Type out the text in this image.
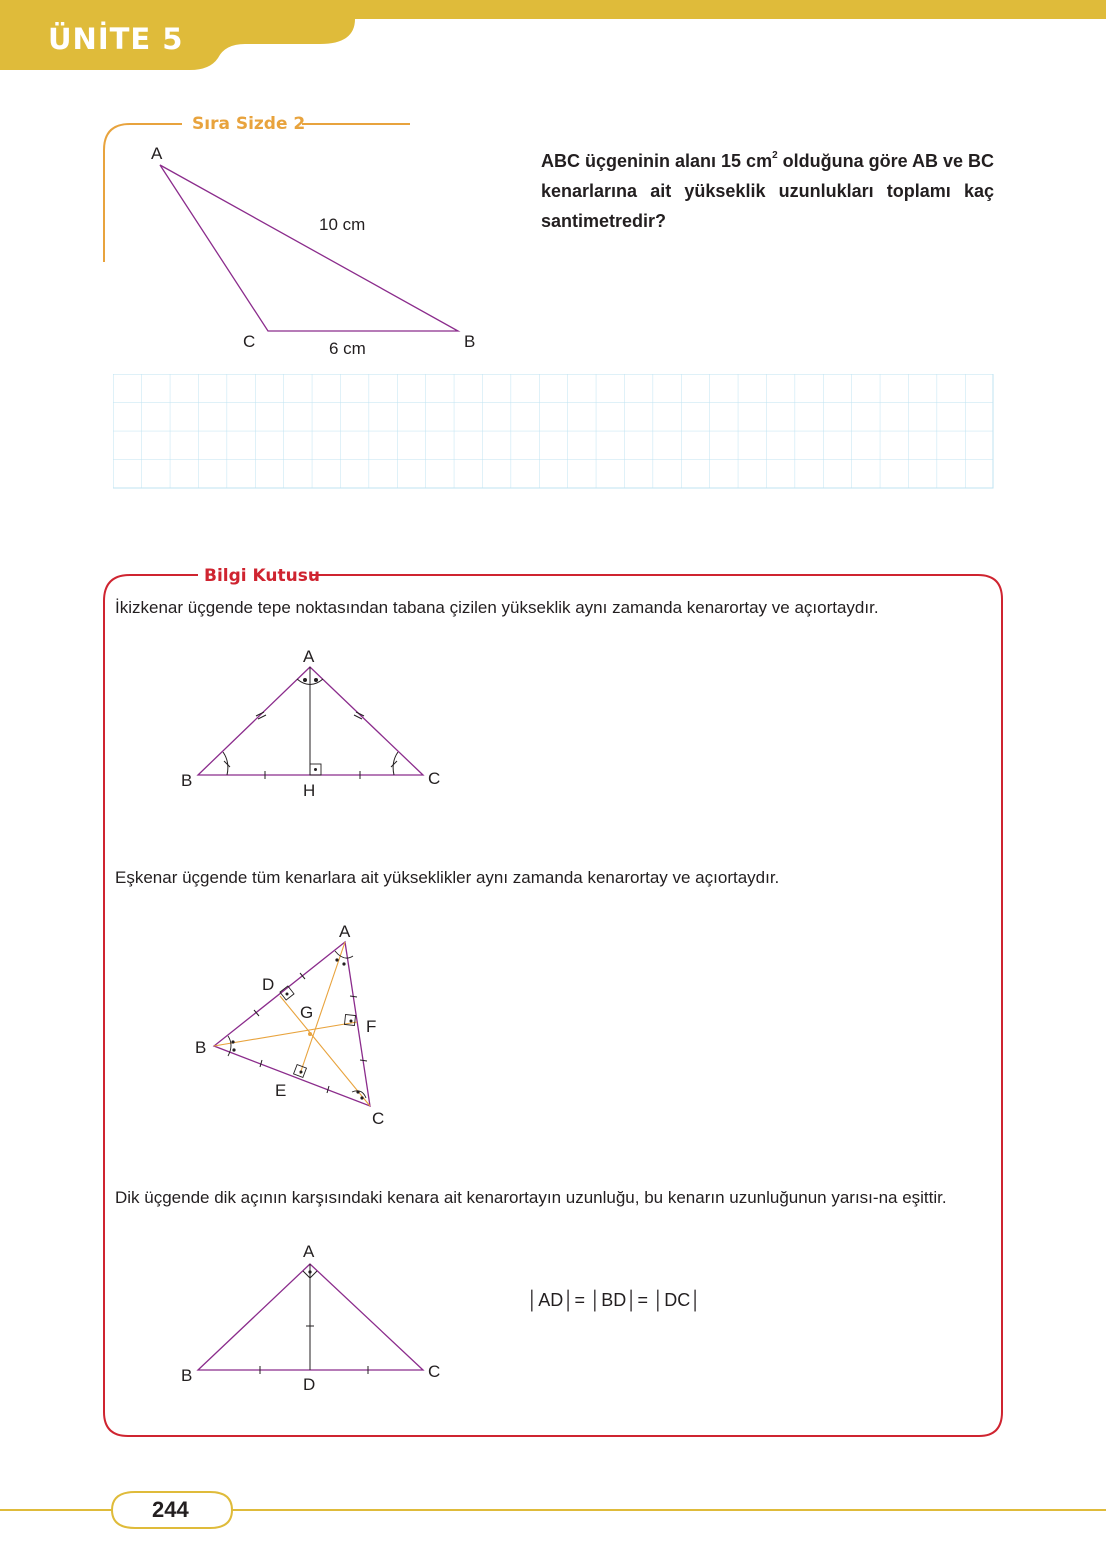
ÜNİTE 5
Sıra Sizde 2
A
B
C
10 cm
6 cm
ABC üçgeninin alanı 15 $cm^2$ olduğuna göre AB ve BC kenarlarına ait yükseklik uzunlukları toplamı kaç santimetredir?
Bilgi Kutusu
İkizkenar üçgende tepe noktasından tabana çizilen yükseklik aynı zamanda kenarortay ve açıortaydır.
A
B	C
H
Eşkenar üçgende tüm kenarlara ait yükseklikler aynı zamanda kenarortay ve açıortaydır.
A
B
C
D
E
F
G
Dik üçgende dik açının karşısındaki kenara ait kenarortayın uzunluğu, bu kenarın uzunluğunun yarısı-na eşittir.
A
B	C
D
│AD│= │BD│= │DC│
244
